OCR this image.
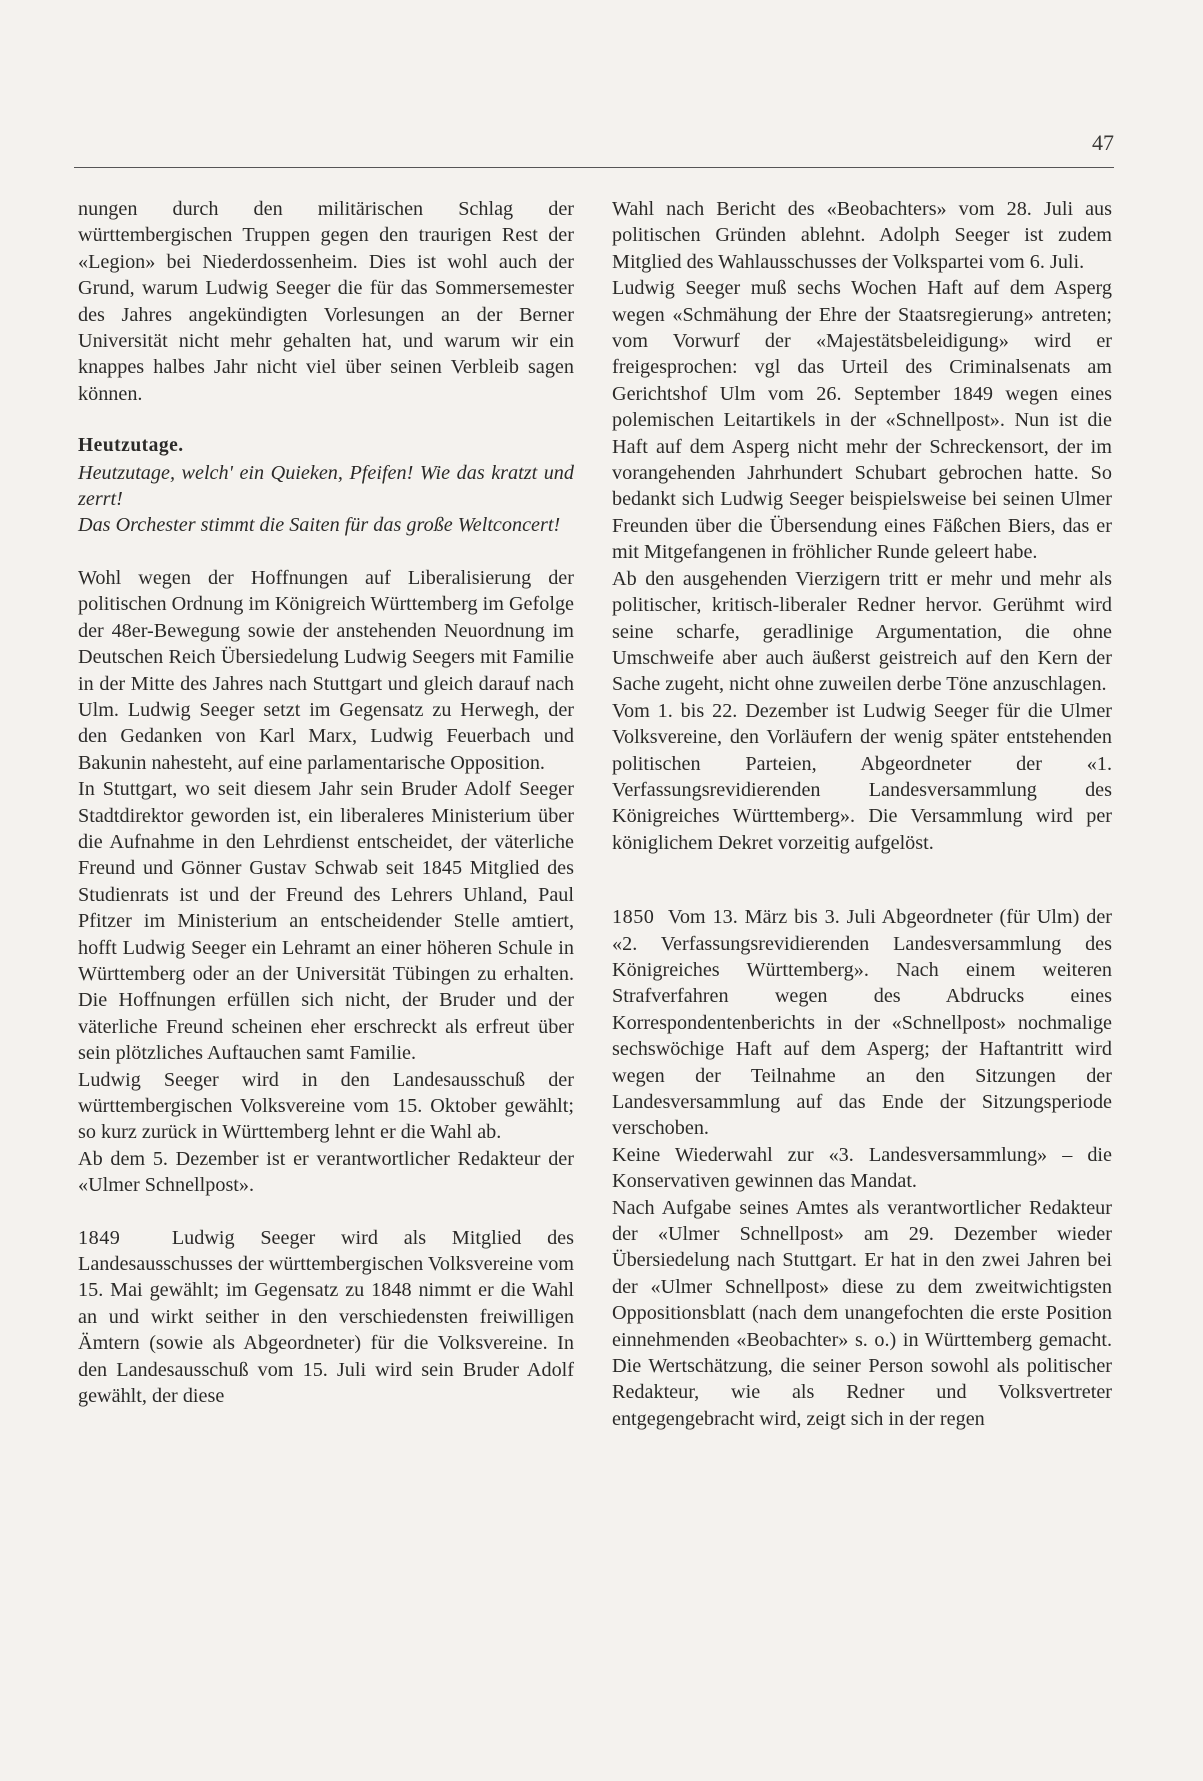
47

nungen durch den militärischen Schlag der württembergischen Truppen gegen den traurigen Rest der «Legion» bei Niederdossenheim. Dies ist wohl auch der Grund, warum Ludwig Seeger die für das Sommersemester des Jahres angekündigten Vorlesungen an der Berner Universität nicht mehr gehalten hat, und warum wir ein knappes halbes Jahr nicht viel über seinen Verbleib sagen können.

Heutzutage.

Heutzutage, welch' ein Quieken, Pfeifen! Wie das kratzt und zerrt!

Das Orchester stimmt die Saiten für das große Weltconcert!

Wohl wegen der Hoffnungen auf Liberalisierung der politischen Ordnung im Königreich Württemberg im Gefolge der 48er-Bewegung sowie der anstehenden Neuordnung im Deutschen Reich Übersiedelung Ludwig Seegers mit Familie in der Mitte des Jahres nach Stuttgart und gleich darauf nach Ulm. Ludwig Seeger setzt im Gegensatz zu Herwegh, der den Gedanken von Karl Marx, Ludwig Feuerbach und Bakunin nahesteht, auf eine parlamentarische Opposition.

In Stuttgart, wo seit diesem Jahr sein Bruder Adolf Seeger Stadtdirektor geworden ist, ein liberaleres Ministerium über die Aufnahme in den Lehrdienst entscheidet, der väterliche Freund und Gönner Gustav Schwab seit 1845 Mitglied des Studienrats ist und der Freund des Lehrers Uhland, Paul Pfitzer im Ministerium an entscheidender Stelle amtiert, hofft Ludwig Seeger ein Lehramt an einer höheren Schule in Württemberg oder an der Universität Tübingen zu erhalten. Die Hoffnungen erfüllen sich nicht, der Bruder und der väterliche Freund scheinen eher erschreckt als erfreut über sein plötzliches Auftauchen samt Familie.

Ludwig Seeger wird in den Landesausschuß der württembergischen Volksvereine vom 15. Oktober gewählt; so kurz zurück in Württemberg lehnt er die Wahl ab.

Ab dem 5. Dezember ist er verantwortlicher Redakteur der «Ulmer Schnellpost».

1849	Ludwig Seeger wird als Mitglied des Landesausschusses der württembergischen Volksvereine vom 15. Mai gewählt; im Gegensatz zu 1848 nimmt er die Wahl an und wirkt seither in den verschiedensten freiwilligen Ämtern (sowie als Abgeordneter) für die Volksvereine. In den Landesausschuß vom 15. Juli wird sein Bruder Adolf gewählt, der diese

Wahl nach Bericht des «Beobachters» vom 28. Juli aus politischen Gründen ablehnt. Adolph Seeger ist zudem Mitglied des Wahlausschusses der Volkspartei vom 6. Juli.

Ludwig Seeger muß sechs Wochen Haft auf dem Asperg wegen «Schmähung der Ehre der Staatsregierung» antreten; vom Vorwurf der «Majestätsbeleidigung» wird er freigesprochen: vgl das Urteil des Criminalsenats am Gerichtshof Ulm vom 26. September 1849 wegen eines polemischen Leitartikels in der «Schnellpost». Nun ist die Haft auf dem Asperg nicht mehr der Schreckensort, der im vorangehenden Jahrhundert Schubart gebrochen hatte. So bedankt sich Ludwig Seeger beispielsweise bei seinen Ulmer Freunden über die Übersendung eines Fäßchen Biers, das er mit Mitgefangenen in fröhlicher Runde geleert habe.

Ab den ausgehenden Vierzigern tritt er mehr und mehr als politischer, kritisch-liberaler Redner hervor. Gerühmt wird seine scharfe, geradlinige Argumentation, die ohne Umschweife aber auch äußerst geistreich auf den Kern der Sache zugeht, nicht ohne zuweilen derbe Töne anzuschlagen.

Vom 1. bis 22. Dezember ist Ludwig Seeger für die Ulmer Volksvereine, den Vorläufern der wenig später entstehenden politischen Parteien, Abgeordneter der «1. Verfassungsrevidierenden Landesversammlung des Königreiches Württemberg». Die Versammlung wird per königlichem Dekret vorzeitig aufgelöst.

1850 Vom 13. März bis 3. Juli Abgeordneter (für Ulm) der «2. Verfassungsrevidierenden Landesversammlung des Königreiches Württemberg». Nach einem weiteren Strafverfahren wegen des Abdrucks eines Korrespondentenberichts in der «Schnellpost» nochmalige sechswöchige Haft auf dem Asperg; der Haftantritt wird wegen der Teilnahme an den Sitzungen der Landesversammlung auf das Ende der Sitzungsperiode verschoben.

Keine Wiederwahl zur «3. Landesversammlung» – die Konservativen gewinnen das Mandat.

Nach Aufgabe seines Amtes als verantwortlicher Redakteur der «Ulmer Schnellpost» am 29. Dezember wieder Übersiedelung nach Stuttgart. Er hat in den zwei Jahren bei der «Ulmer Schnellpost» diese zu dem zweitwichtigsten Oppositionsblatt (nach dem unangefochten die erste Position einnehmenden «Beobachter» s. o.) in Württemberg gemacht. Die Wertschätzung, die seiner Person sowohl als politischer Redakteur, wie als Redner und Volksvertreter entgegengebracht wird, zeigt sich in der regen
